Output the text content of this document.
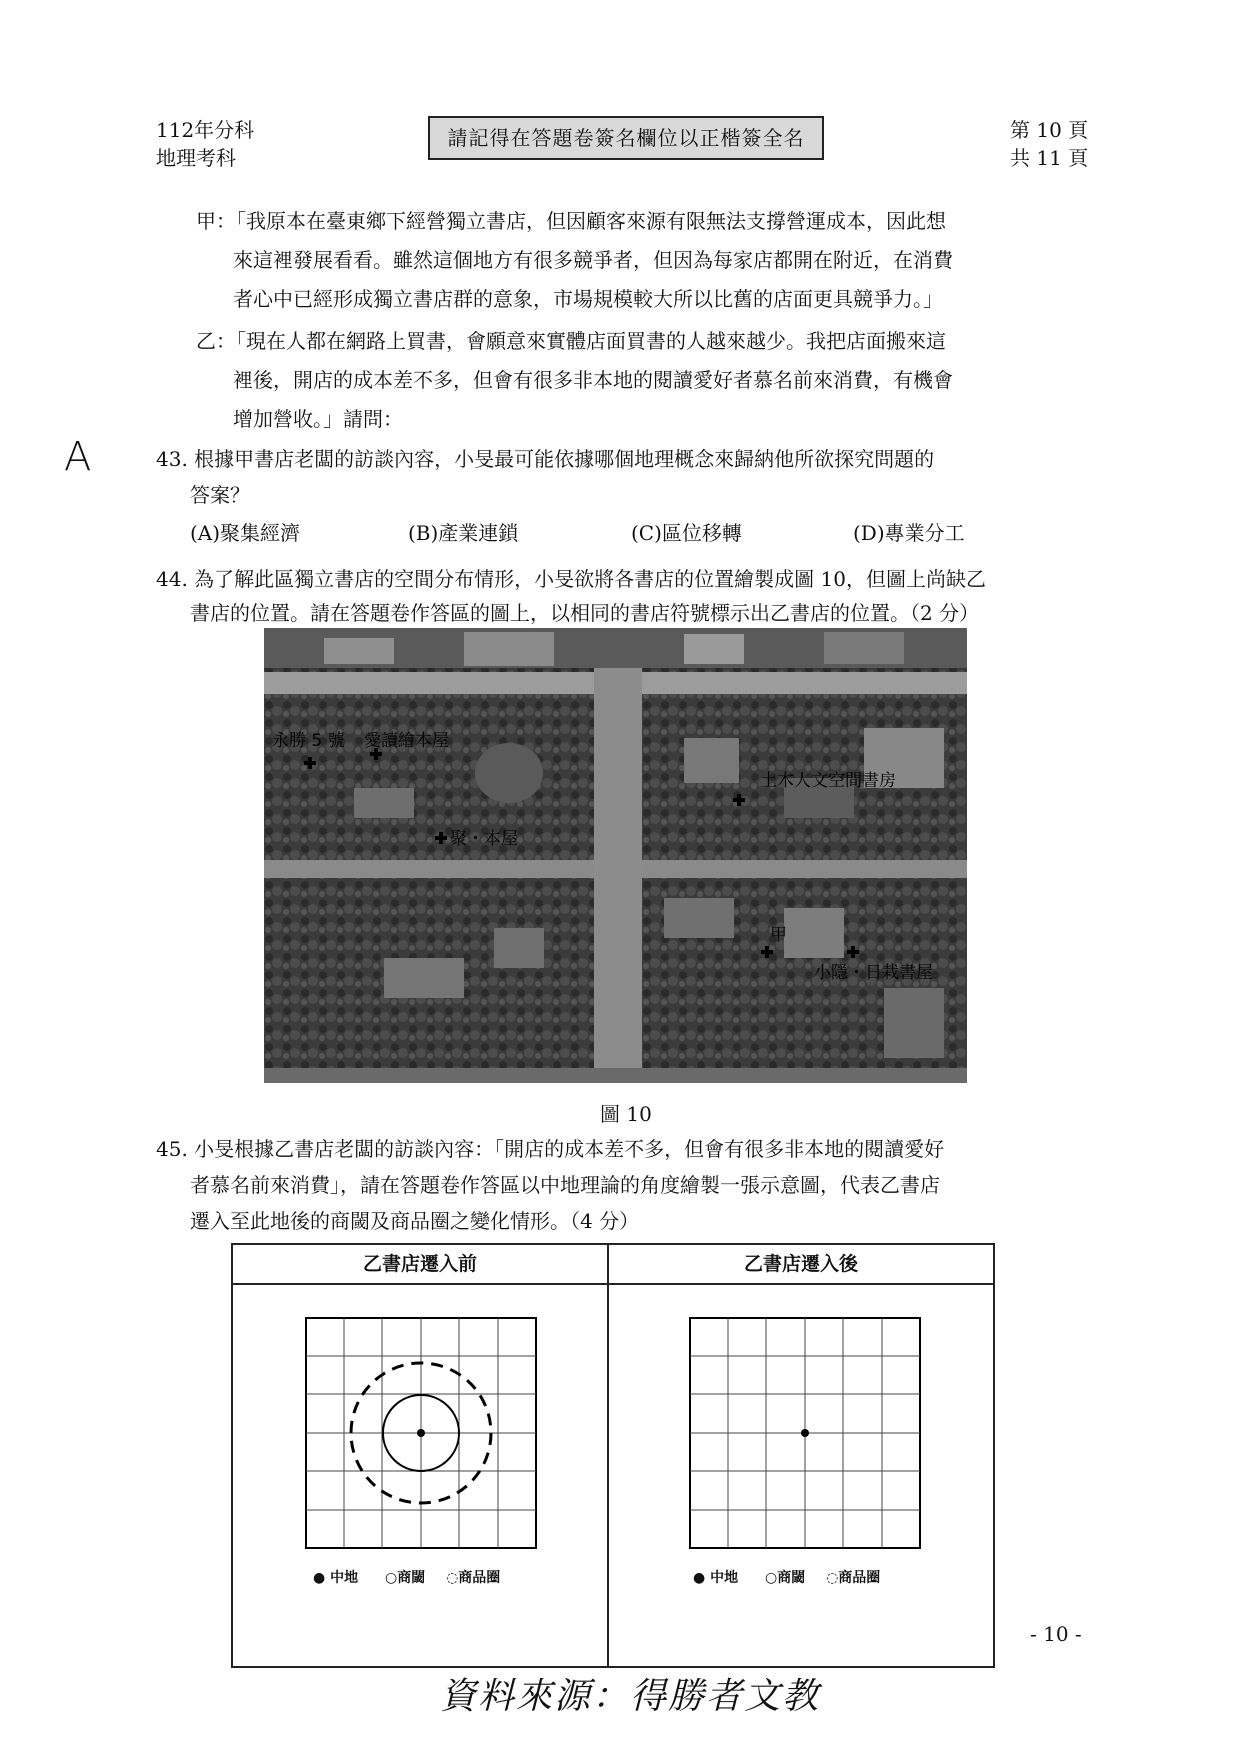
112年分科
地理考科
請記得在答題卷簽名欄位以正楷簽全名	第 10 頁
共 11 頁
甲：「我原本在臺東鄉下經營獨立書店，但因顧客來源有限無法支撐營運成本，因此想
來這裡發展看看。雖然這個地方有很多競爭者，但因為每家店都開在附近，在消費
者心中已經形成獨立書店群的意象，市場規模較大所以比舊的店面更具競爭力。」
乙：「現在人都在網路上買書，會願意來實體店面買書的人越來越少。我把店面搬來這
裡後，開店的成本差不多，但會有很多非本地的閱讀愛好者慕名前來消費，有機會
增加營收。」請問：
A	43. 根據甲書店老闆的訪談內容，小旻最可能依據哪個地理概念來歸納他所欲探究問題的
答案？
(A)聚集經濟	(B)產業連鎖	(C)區位移轉	(D)專業分工
44. 為了解此區獨立書店的空間分布情形，小旻欲將各書店的位置繪製成圖 10，但圖上尚缺乙
書店的位置。請在答題卷作答區的圖上，以相同的書店符號標示出乙書店的位置。（2 分）
永勝 5 號 愛讀繪本屋
土木人文空間書房
聚・本屋
甲
小隱・日栽書屋
圖 10
45. 小旻根據乙書店老闆的訪談內容：「開店的成本差不多，但會有很多非本地的閱讀愛好
者慕名前來消費」，請在答題卷作答區以中地理論的角度繪製一張示意圖，代表乙書店
遷入至此地後的商閾及商品圈之變化情形。（4 分）
乙書店遷入前	乙書店遷入後
● 中地 ○商閾 ◌商品圈	● 中地 ○商閾 ◌商品圈
- 10 -
資料來源：得勝者文教
